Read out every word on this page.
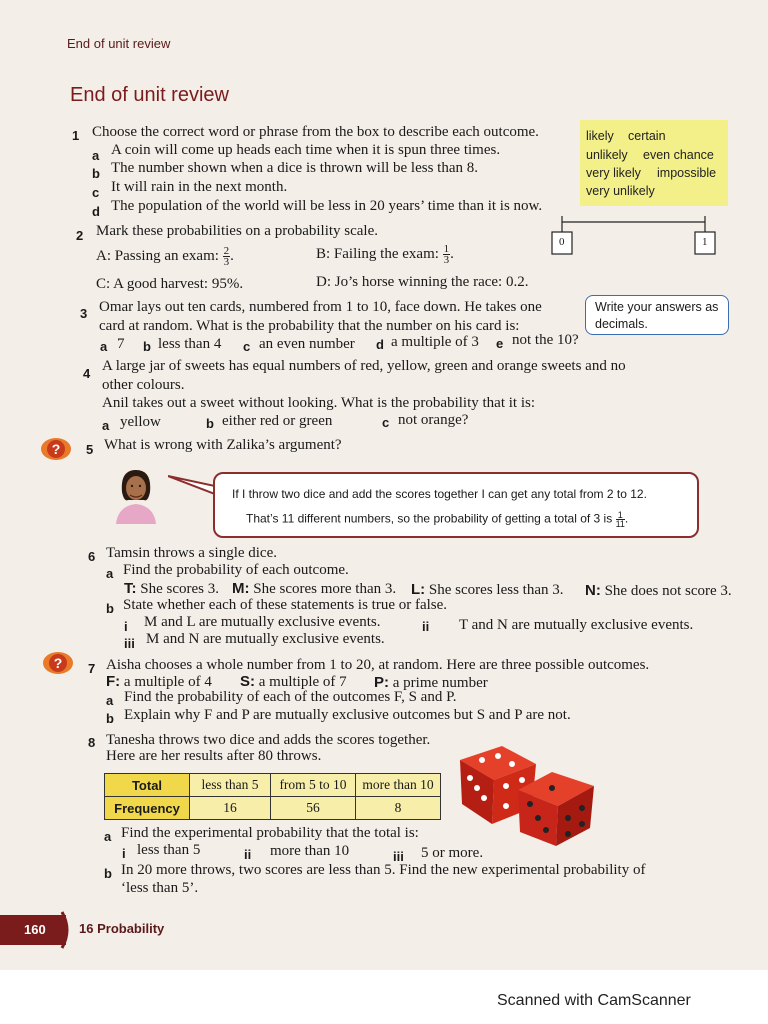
End of unit review
End of unit review
1 Choose the correct word or phrase from the box to describe each outcome.
a A coin will come up heads each time when it is spun three times.
b The number shown when a dice is thrown will be less than 8.
c It will rain in the next month.
d The population of the world will be less in 20 years’ time than it is now.
likely certain
unlikely even chance
very likely impossible
very unlikely
2 Mark these probabilities on a probability scale.
A: Passing an exam: $\frac{2}{3}$ .	B: Failing the exam: $\frac{1}{3}$ .
C: A good harvest: 95%.	D: Jo’s horse winning the race: 0.2.
0	1
3 Omar lays out ten cards, numbered from 1 to 10, face down. He takes one
card at random. What is the probability that the number on his card is:
a 7 b less than 4 c an even number d a multiple of 3 e not the 10?
Write your answers as decimals.
4 A large jar of sweets has equal numbers of red, yellow, green and orange sweets and no
other colours.
Anil takes out a sweet without looking. What is the probability that it is:
a yellow	b either red or green	c not orange?
? 5 What is wrong with Zalika’s argument?
If I throw two dice and add the scores together I can get any total from 2 to 12.
That’s 11 different numbers, so the probability of getting a total of 3 is $\frac{1}{11}$ .
6 Tamsin throws a single dice.
a Find the probability of each outcome.
T: She scores 3. M: She scores more than 3. L: She scores less than 3. N: She does not score 3.
b State whether each of these statements is true or false.
i M and L are mutually exclusive events.	ii T and N are mutually exclusive events.
iii M and N are mutually exclusive events.
? 7 Aisha chooses a whole number from 1 to 20, at random. Here are three possible outcomes.
F: a multiple of 4 S: a multiple of 7 P: a prime number
a Find the probability of each of the outcomes F, S and P.
b Explain why F and P are mutually exclusive outcomes but S and P are not.
8 Tanesha throws two dice and adds the scores together.
Here are her results after 80 throws.
Total	less than 5	from 5 to 10	more than 10
Frequency	16	56	8
a Find the experimental probability that the total is:
i less than 5	ii more than 10	iii 5 or more.
b In 20 more throws, two scores are less than 5. Find the new experimental probability of
‘less than 5’.
160	16 Probability
Scanned with CamScanner
